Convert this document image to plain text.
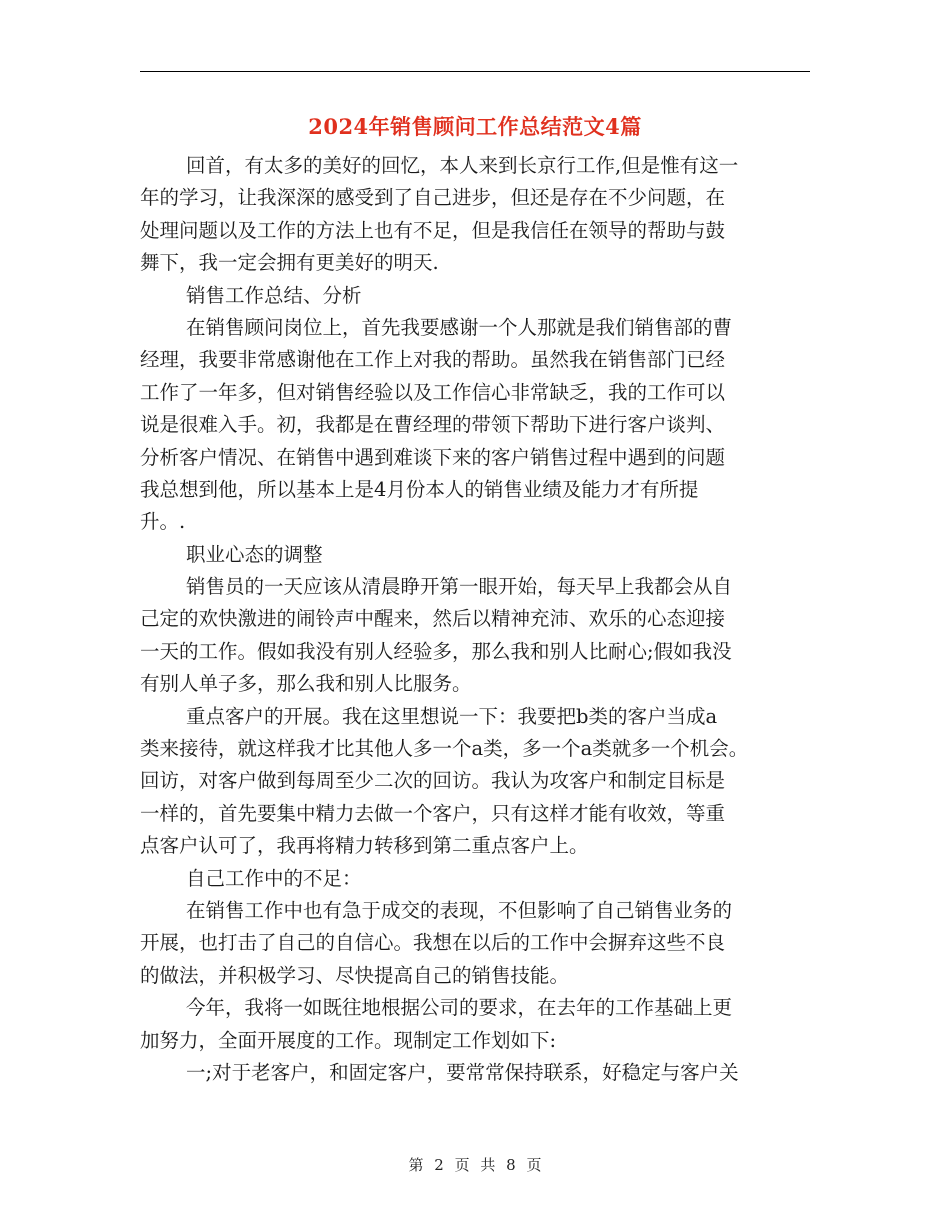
2024年销售顾问工作总结范文4篇
回首，有太多的美好的回忆，本人来到长京行工作,但是惟有这一
年的学习，让我深深的感受到了自己进步，但还是存在不少问题，在
处理问题以及工作的方法上也有不足，但是我信任在领导的帮助与鼓
舞下，我一定会拥有更美好的明天.
销售工作总结、分析
在销售顾问岗位上，首先我要感谢一个人那就是我们销售部的曹
经理，我要非常感谢他在工作上对我的帮助。虽然我在销售部门已经
工作了一年多，但对销售经验以及工作信心非常缺乏，我的工作可以
说是很难入手。初，我都是在曹经理的带领下帮助下进行客户谈判、
分析客户情况、在销售中遇到难谈下来的客户销售过程中遇到的问题
我总想到他，所以基本上是4月份本人的销售业绩及能力才有所提
升。.
职业心态的调整
销售员的一天应该从清晨睁开第一眼开始，每天早上我都会从自
己定的欢快激进的闹铃声中醒来，然后以精神充沛、欢乐的心态迎接
一天的工作。假如我没有别人经验多，那么我和别人比耐心;假如我没
有别人单子多，那么我和别人比服务。
重点客户的开展。我在这里想说一下：我要把b类的客户当成a
类来接待，就这样我才比其他人多一个a类，多一个a类就多一个机会。
回访，对客户做到每周至少二次的回访。我认为攻客户和制定目标是
一样的，首先要集中精力去做一个客户，只有这样才能有收效，等重
点客户认可了，我再将精力转移到第二重点客户上。
自己工作中的不足：
在销售工作中也有急于成交的表现，不但影响了自己销售业务的
开展，也打击了自己的自信心。我想在以后的工作中会摒弃这些不良
的做法，并积极学习、尽快提高自己的销售技能。
今年，我将一如既往地根据公司的要求，在去年的工作基础上更
加努力，全面开展度的工作。现制定工作划如下:
一;对于老客户，和固定客户，要常常保持联系，好稳定与客户关
第 2 页 共 8 页
